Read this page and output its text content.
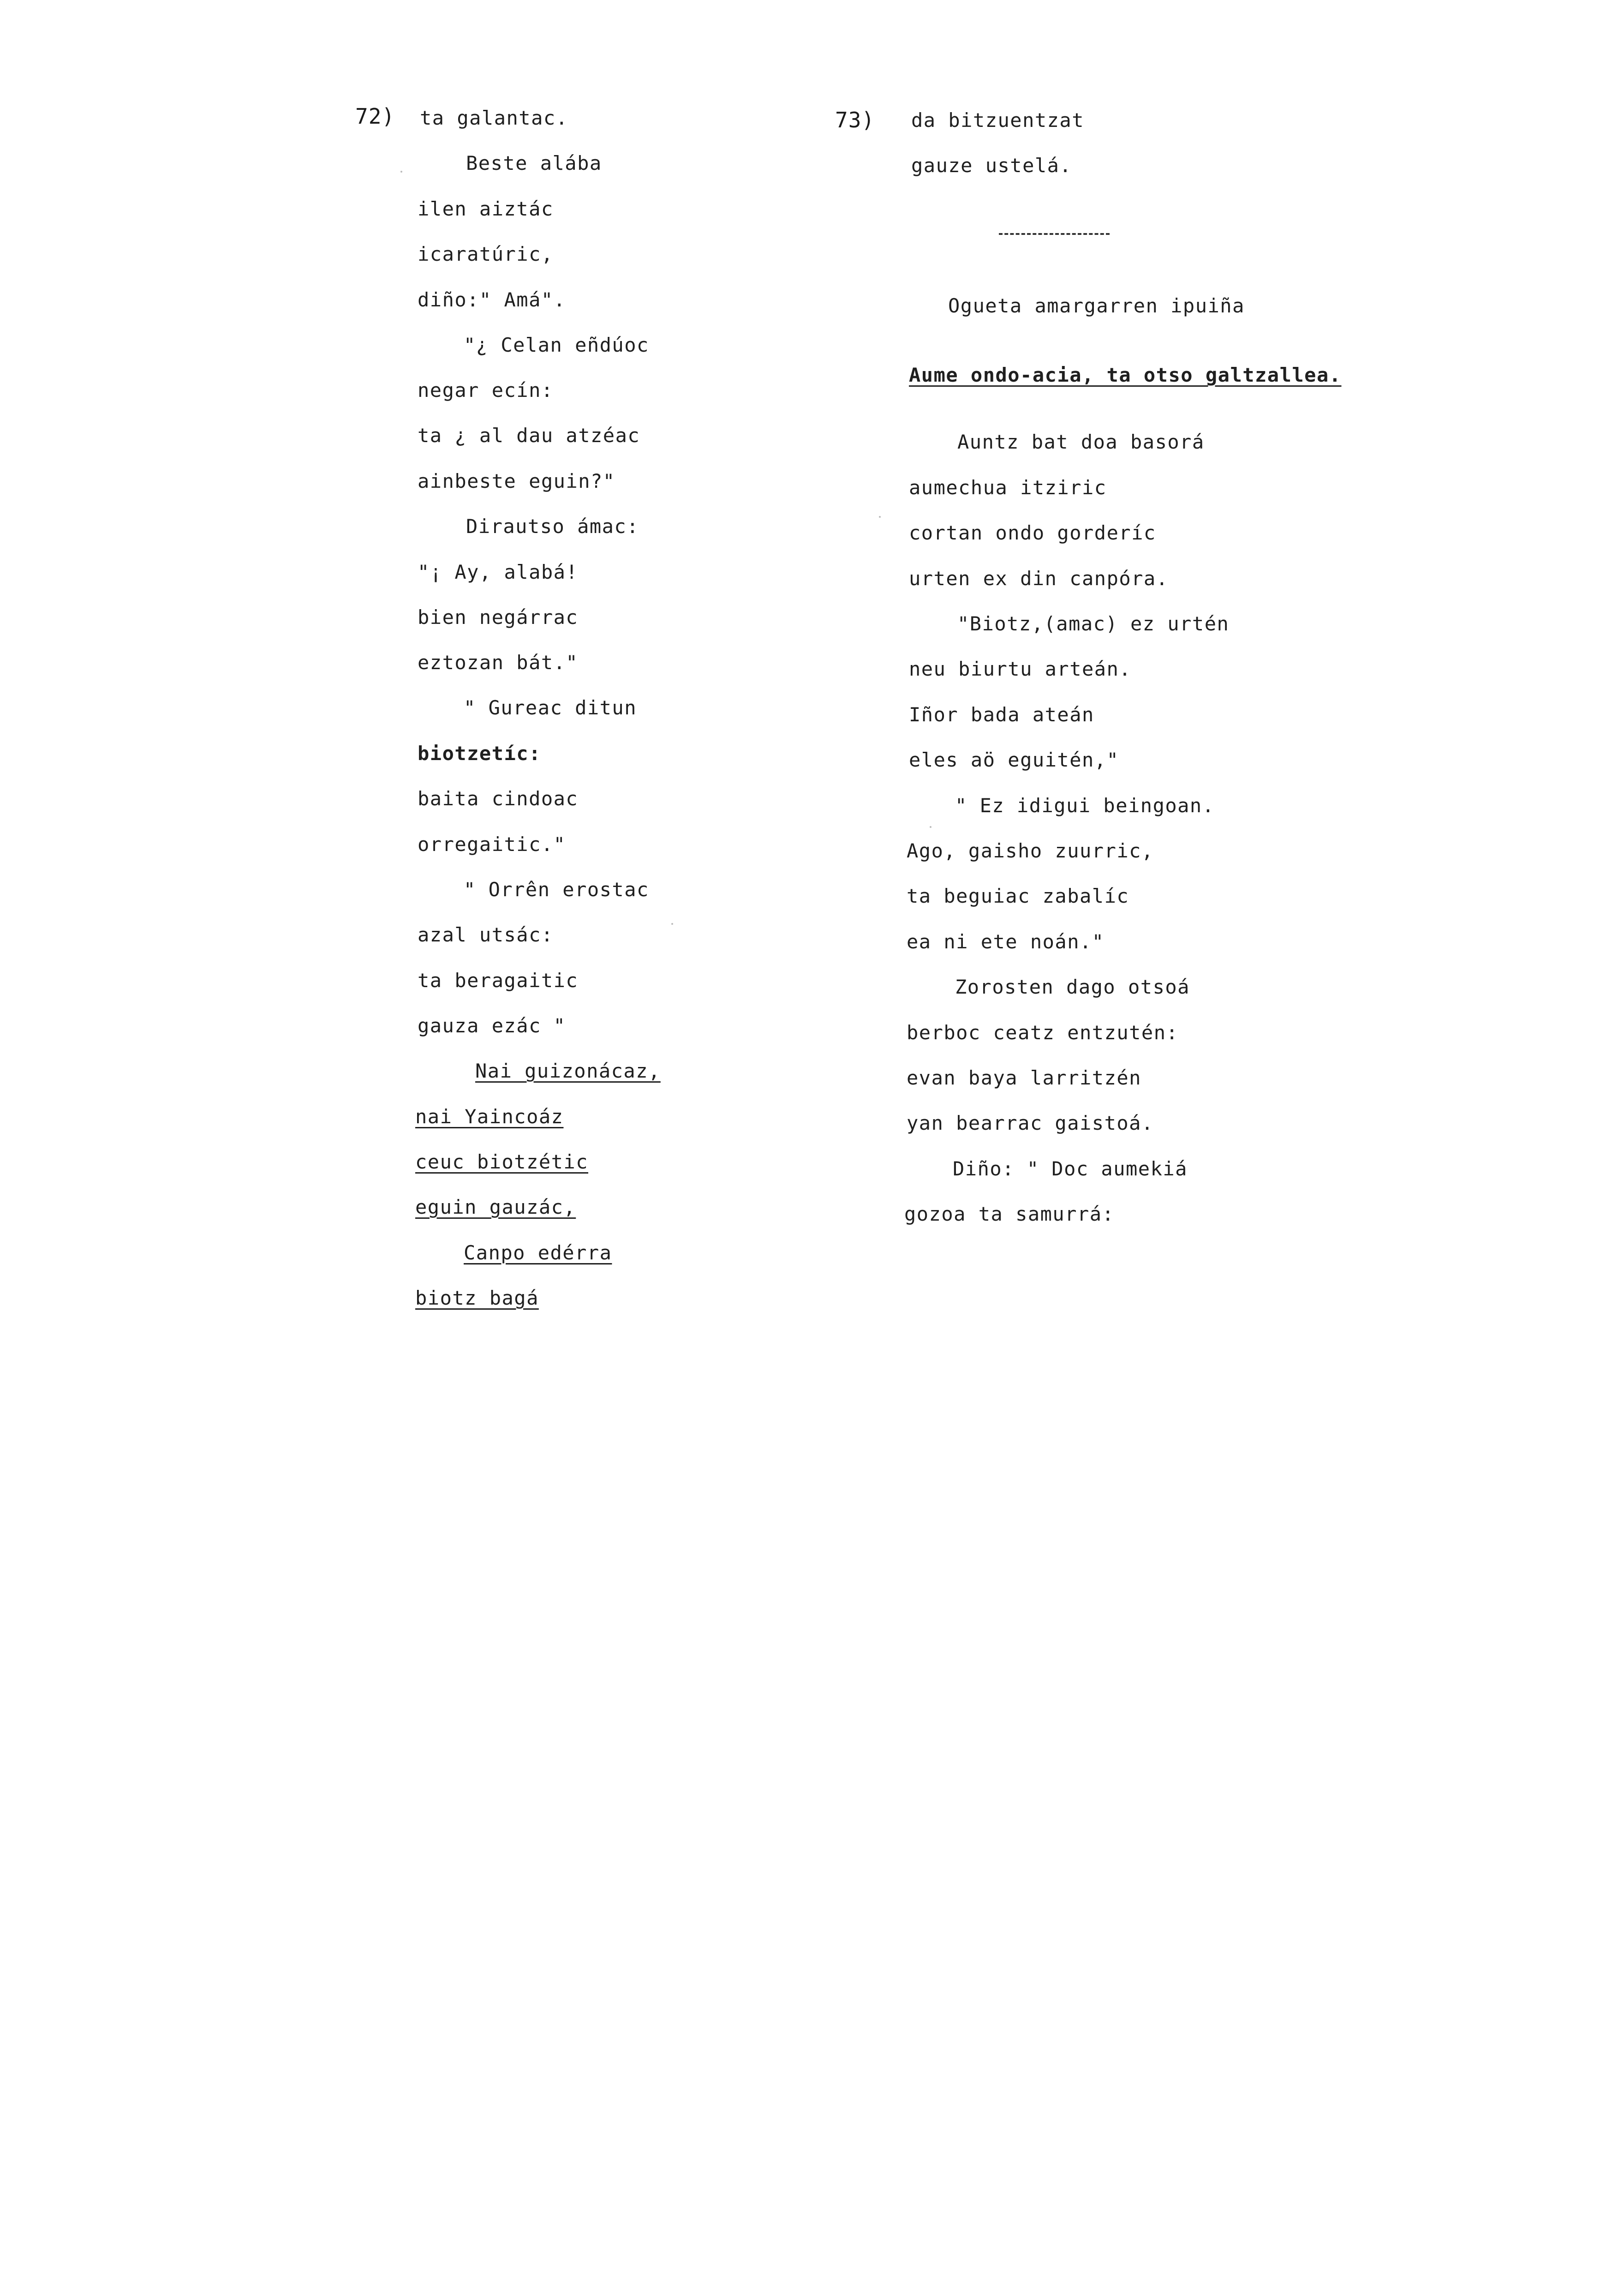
72) ta galantac.
Beste alába
ilen aiztác
icaratúric,
diño:" Amá".
"¿ Celan eñdúoc
negar ecín:
ta ¿ al dau atzéac
ainbeste eguin?"
Dirautso ámac:
"¡ Ay, alabá!
bien negárrac
eztozan bát."
" Gureac ditun
biotzetíc:
baita cindoac
orregaitic."
" Orrên erostac
azal utsác:
ta beragaitic
gauza ezác "
Nai guizonácaz,
nai Yaincoáz
ceuc biotzétic
eguin gauzác,
Canpo edérra
biotz bagá
73) da bitzuentzat
gauze ustelá.
Ogueta amargarren ipuiña
Aume ondo-acia, ta otso galtzallea.
Auntz bat doa basorá
aumechua itziric
cortan ondo gorderíc
urten ex din canpóra.
"Biotz,(amac) ez urtén
neu biurtu arteán.
Iñor bada ateán
eles aö eguitén,"
" Ez idigui beingoan.
Ago, gaisho zuurric,
ta beguiac zabalíc
ea ni ete noán."
Zorosten dago otsoá
berboc ceatz entzutén:
evan baya larritzén
yan bearrac gaistoá.
Diño: " Doc aumekiá
gozoa ta samurrá:
